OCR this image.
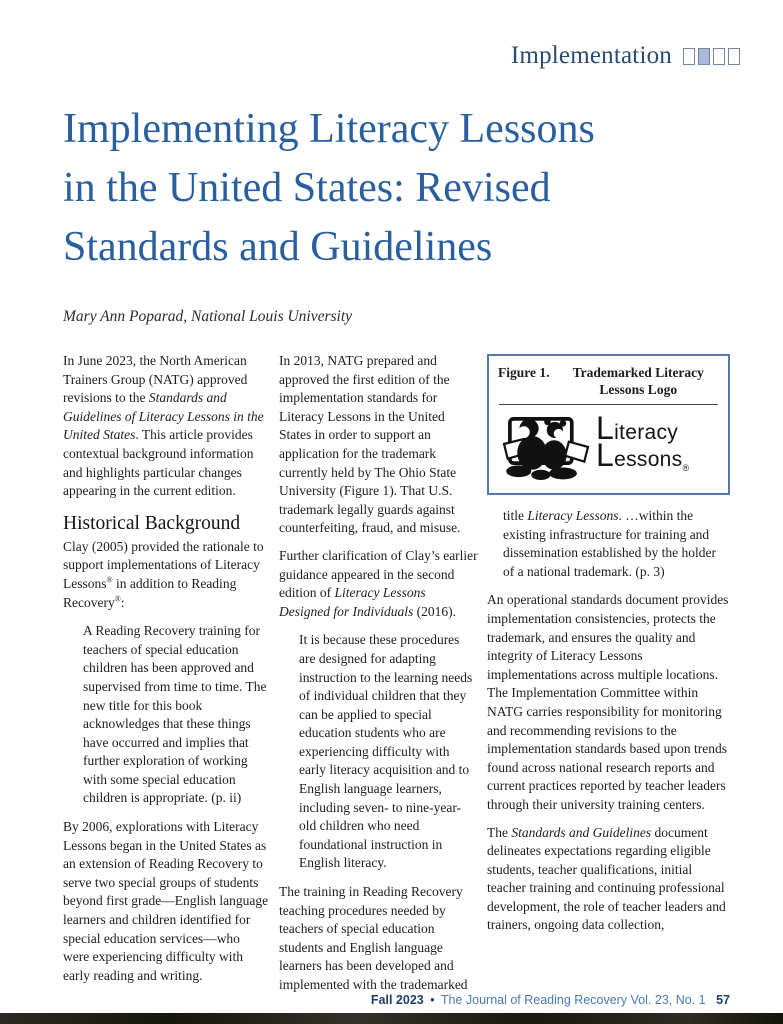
Implementation
Implementing Literacy Lessons
in the United States: Revised
Standards and Guidelines
Mary Ann Poparad, National Louis University

In June 2023, the North American Trainers Group (NATG) approved revisions to the Standards and Guidelines of Literacy Lessons in the United States. This article provides contextual background information and highlights particular changes appearing in the current edition.

Historical Background

Clay (2005) provided the rationale to support implementations of Literacy Lessons® in addition to Reading Recovery®:

A Reading Recovery training for teachers of special education children has been approved and supervised from time to time. The new title for this book acknowledges that these things have occurred and implies that further exploration of working with some special education children is appropriate. (p. ii)

By 2006, explorations with Literacy Lessons began in the United States as an extension of Reading Recovery to serve two special groups of students beyond first grade—English language learners and children identified for special education services—who were experiencing difficulty with early reading and writing.

In 2013, NATG prepared and approved the first edition of the implementation standards for Literacy Lessons in the United States in order to support an application for the trademark currently held by The Ohio State University (Figure 1). That U.S. trademark legally guards against counterfeiting, fraud, and misuse.

Further clarification of Clay’s earlier guidance appeared in the second edition of Literacy Lessons Designed for Individuals (2016).

It is because these procedures are designed for adapting instruction to the learning needs of individual children that they can be applied to special education students who are experiencing difficulty with early literacy acquisition and to English language learners, including seven- to nine-year-old children who need foundational instruction in English literacy.

The training in Reading Recovery teaching procedures needed by teachers of special education students and English language learners has been developed and implemented with the trademarked

Figure 1.	Trademarked Literacy Lessons Logo
Literacy
Lessons$_®$
title Literacy Lessons. …within the existing infrastructure for training and dissemination established by the holder of a national trademark. (p. 3)

An operational standards document provides implementation consistencies, protects the trademark, and ensures the quality and integrity of Literacy Lessons implementations across multiple locations. The Implementation Committee within NATG carries responsibility for monitoring and recommending revisions to the implementation standards based upon trends found across national research reports and current practices reported by teacher leaders through their university training centers.

The Standards and Guidelines document delineates expectations regarding eligible students, teacher qualifications, initial teacher training and continuing professional development, the role of teacher leaders and trainers, ongoing data collection,

Fall 2023 • The Journal of Reading Recovery Vol. 23, No. 1 57
